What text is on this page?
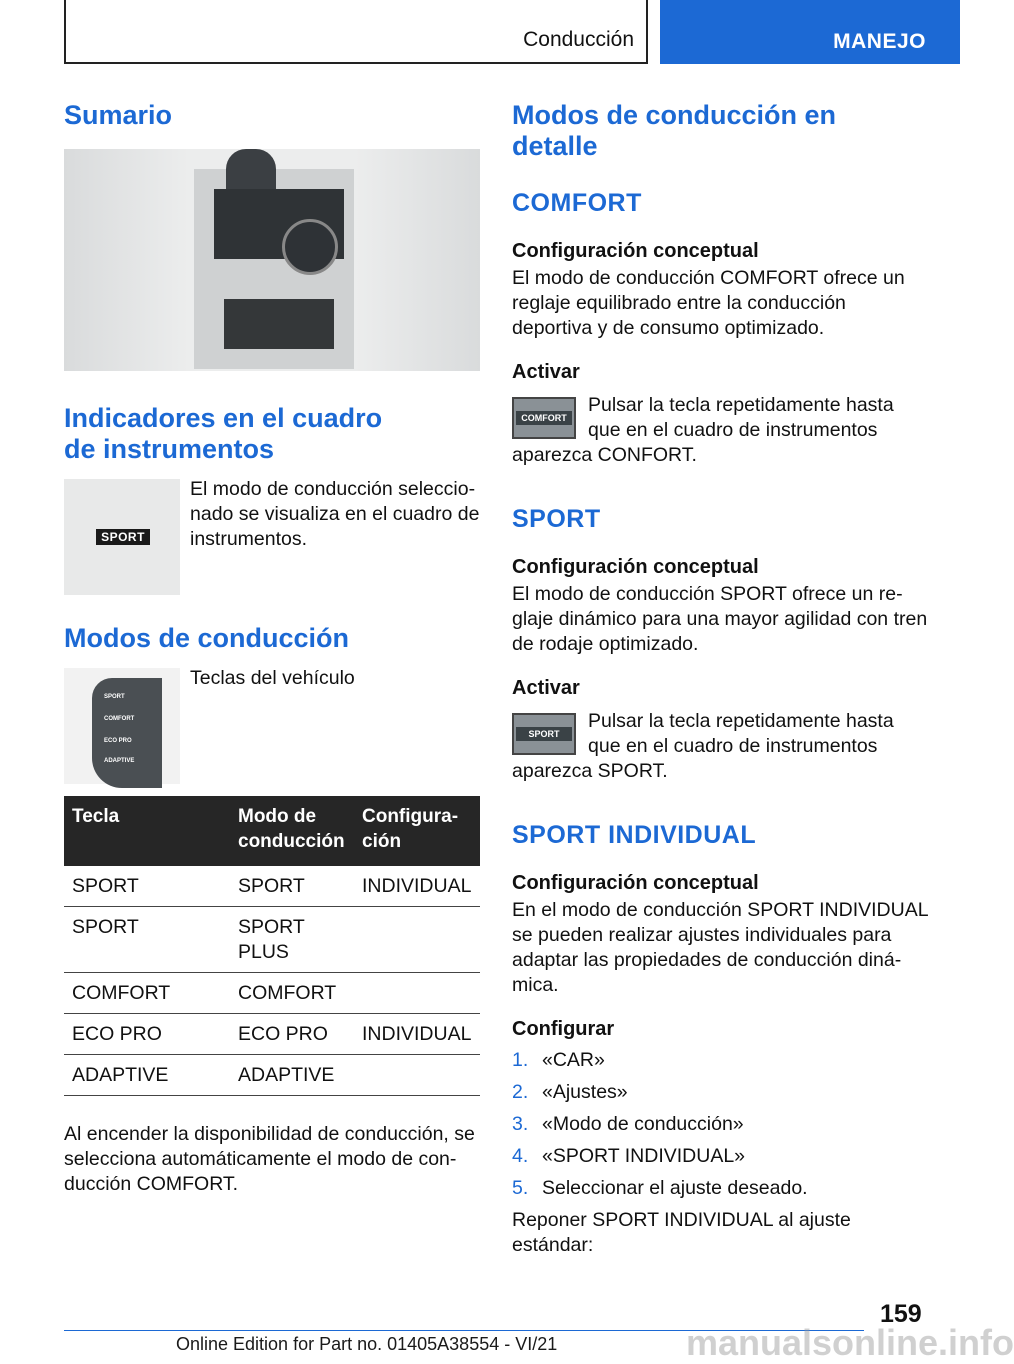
Conducción	MANEJO
Sumario
Indicadores en el cuadro
de instrumentos
SPORT
El modo de conducción seleccionado se visualiza en el cuadro de instrumentos.
Modos de conducción
SPORT
COMFORT
ECO PRO
ADAPTIVE
Teclas del vehículo
Tecla	Modo de conducción	Configuración
SPORT	SPORT	INDIVIDUAL
SPORT	SPORT PLUS	
COMFORT	COMFORT	
ECO PRO	ECO PRO	INDIVIDUAL
ADAPTIVE	ADAPTIVE	
Al encender la disponibilidad de conducción, se selecciona automáticamente el modo de conducción COMFORT.
Modos de conducción en detalle
COMFORT
Configuración conceptual
El modo de conducción COMFORT ofrece un reglaje equilibrado entre la conducción deportiva y de consumo optimizado.
Activar
COMFORT
Pulsar la tecla repetidamente hasta que en el cuadro de instrumentos aparezca CONFORT.
SPORT
Configuración conceptual
El modo de conducción SPORT ofrece un reglaje dinámico para una mayor agilidad con tren de rodaje optimizado.
Activar
SPORT
Pulsar la tecla repetidamente hasta que en el cuadro de instrumentos aparezca SPORT.
SPORT INDIVIDUAL
Configuración conceptual
En el modo de conducción SPORT INDIVIDUAL se pueden realizar ajustes individuales para adaptar las propiedades de conducción dinámica.
Configurar
1. «CAR»
2. «Ajustes»
3. «Modo de conducción»
4. «SPORT INDIVIDUAL»
5. Seleccionar el ajuste deseado.
Reponer SPORT INDIVIDUAL al ajuste estándar:
159
Online Edition for Part no. 01405A38554 - VI/21	manualsonline.info
